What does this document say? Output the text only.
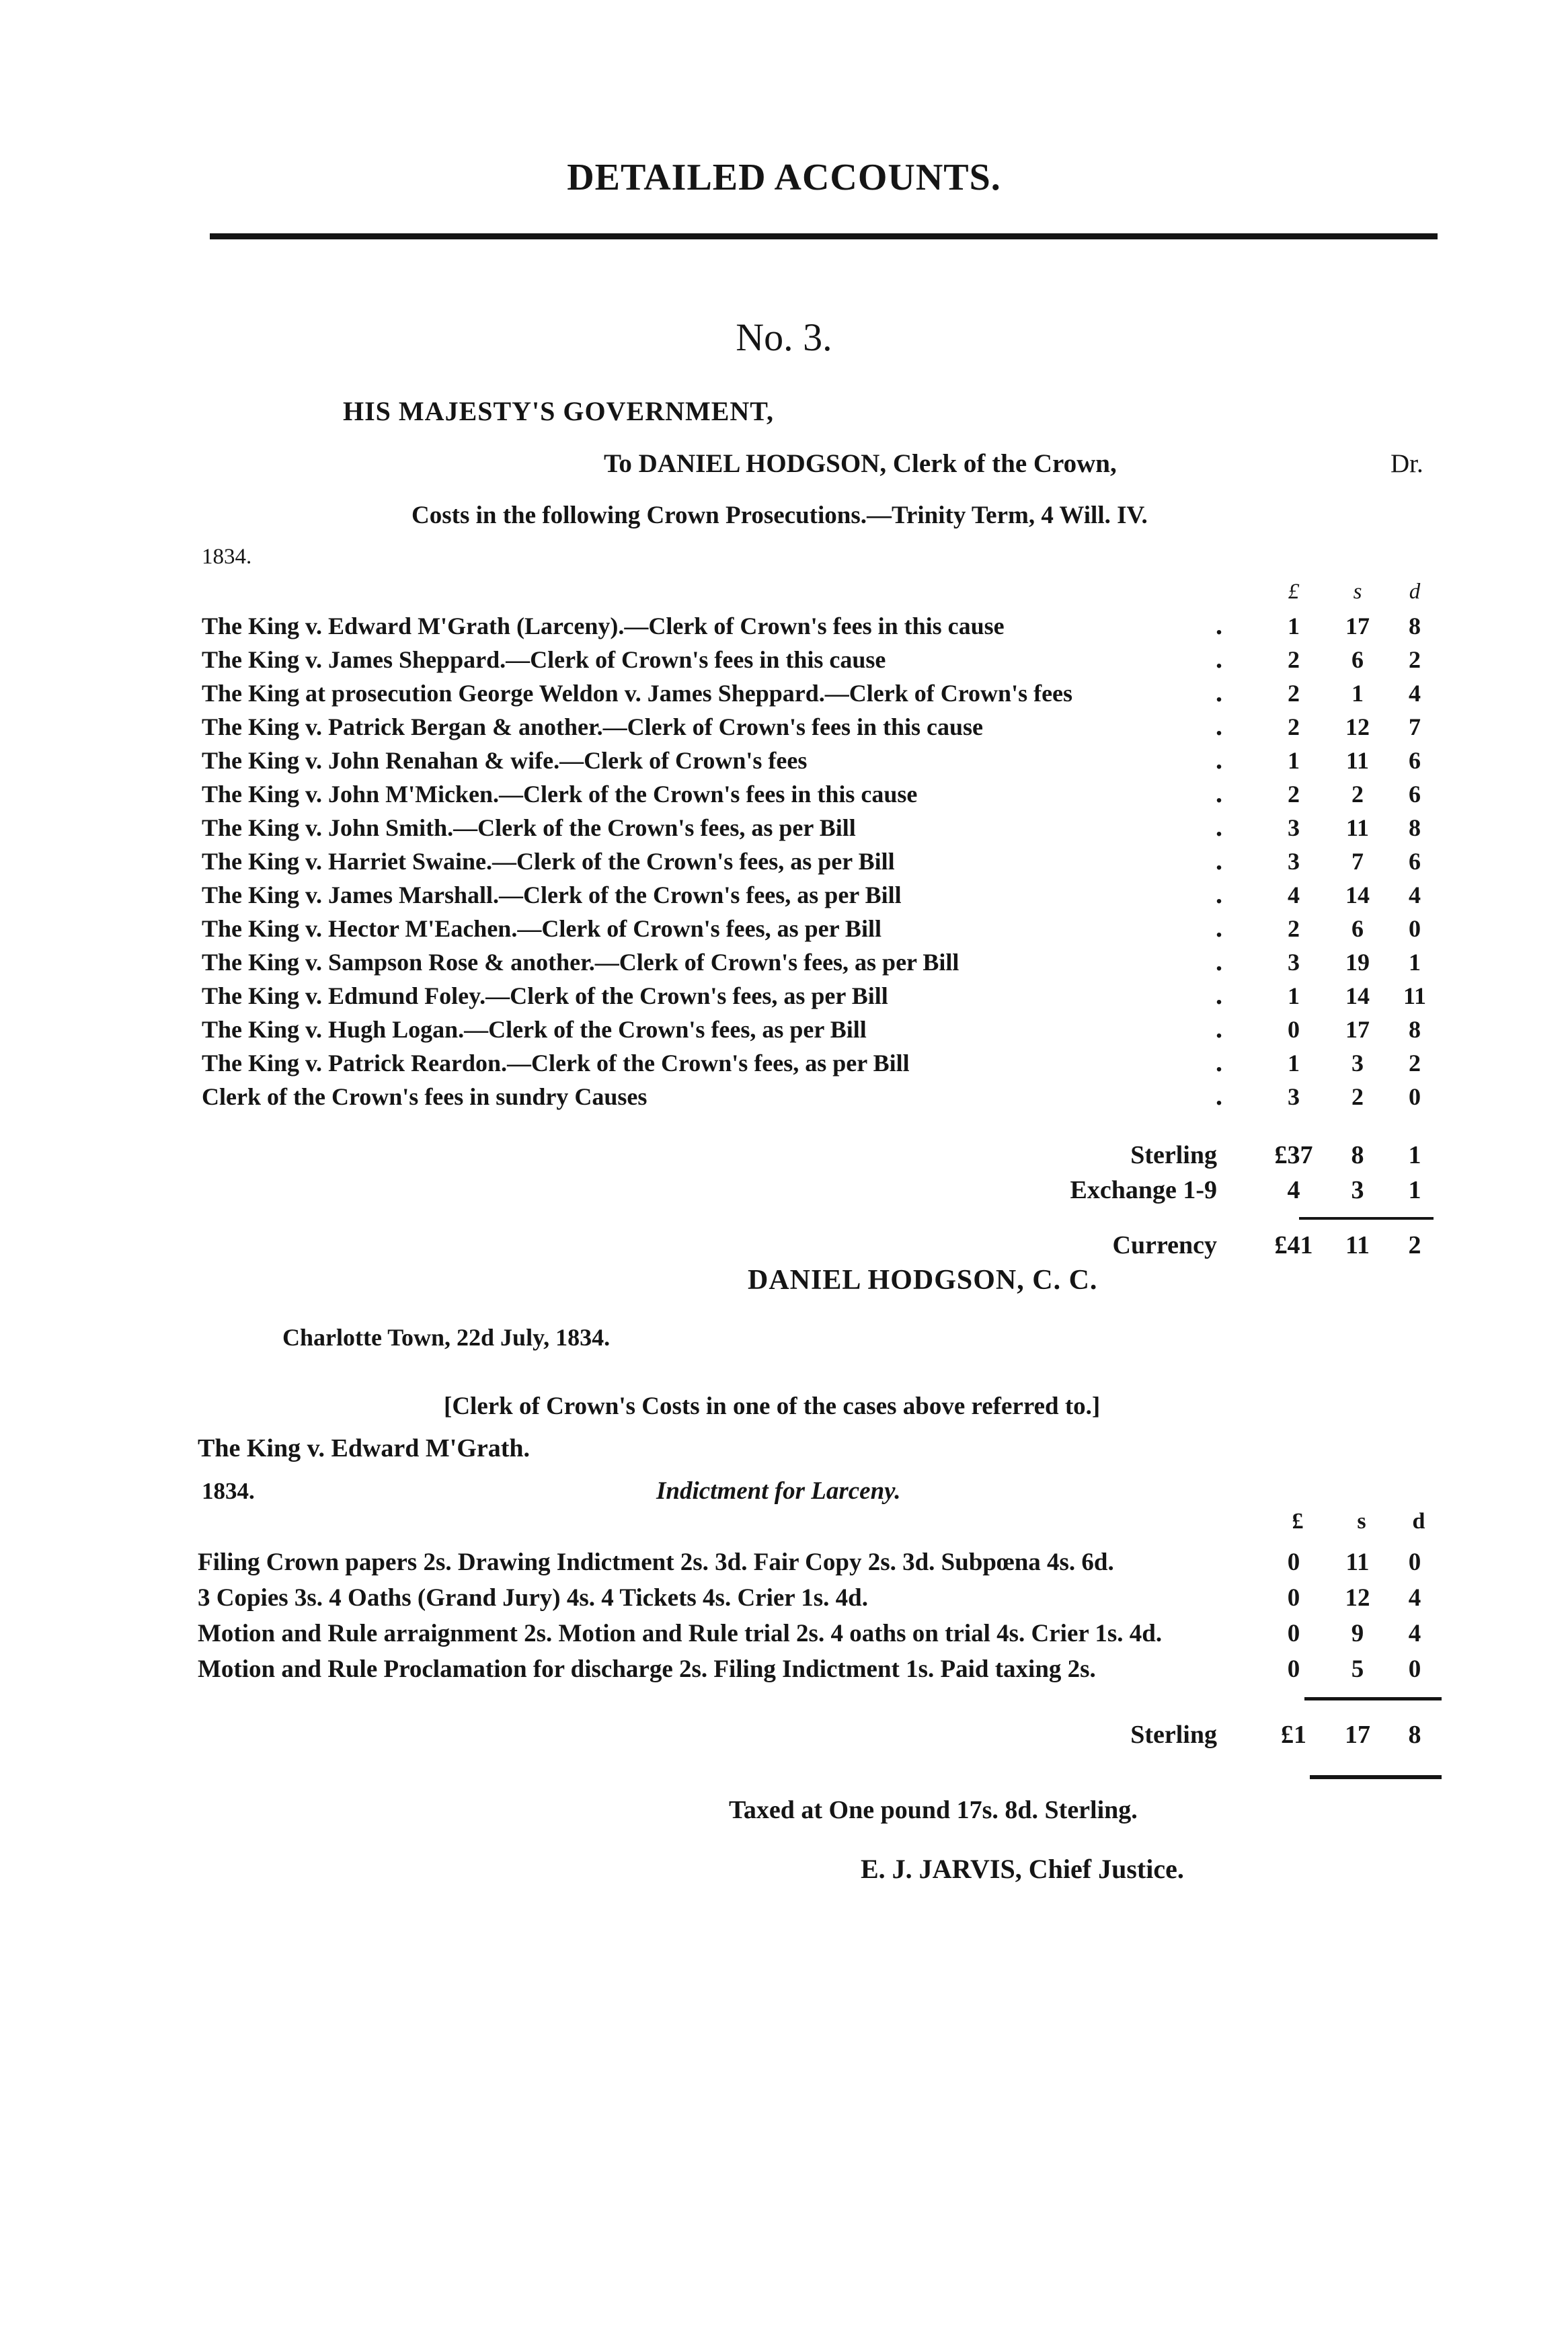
DETAILED ACCOUNTS.
No. 3.
HIS MAJESTY'S GOVERNMENT,
To DANIEL HODGSON, Clerk of the Crown,	Dr.
Costs in the following Crown Prosecutions.—Trinity Term, 4 Will. IV.
1834.
£	s	d
The King v. Edward M'Grath (Larceny).—Clerk of Crown's fees in this cause	.	1	17	8
The King v. James Sheppard.—Clerk of Crown's fees in this cause	.	2	6	2
The King at prosecution George Weldon v. James Sheppard.—Clerk of Crown's fees	.	2	1	4
The King v. Patrick Bergan & another.—Clerk of Crown's fees in this cause	.	2	12	7
The King v. John Renahan & wife.—Clerk of Crown's fees	.	1	11	6
The King v. John M'Micken.—Clerk of the Crown's fees in this cause	.	2	2	6
The King v. John Smith.—Clerk of the Crown's fees, as per Bill	.	3	11	8
The King v. Harriet Swaine.—Clerk of the Crown's fees, as per Bill	.	3	7	6
The King v. James Marshall.—Clerk of the Crown's fees, as per Bill	.	4	14	4
The King v. Hector M'Eachen.—Clerk of Crown's fees, as per Bill	.	2	6	0
The King v. Sampson Rose & another.—Clerk of Crown's fees, as per Bill	.	3	19	1
The King v. Edmund Foley.—Clerk of the Crown's fees, as per Bill	.	1	14	11
The King v. Hugh Logan.—Clerk of the Crown's fees, as per Bill	.	0	17	8
The King v. Patrick Reardon.—Clerk of the Crown's fees, as per Bill	.	1	3	2
Clerk of the Crown's fees in sundry Causes	.	3	2	0
Sterling	£37	8	1
Exchange 1-9	4	3	1
Currency	£41	11	2
DANIEL HODGSON, C. C.
Charlotte Town, 22d July, 1834.
[Clerk of Crown's Costs in one of the cases above referred to.]
The King v. Edward M'Grath.
1834.	Indictment for Larceny.
£	s	d
Filing Crown papers 2s. Drawing Indictment 2s. 3d. Fair Copy 2s. 3d. Subpœna 4s. 6d.	0	11	0
3 Copies 3s. 4 Oaths (Grand Jury) 4s. 4 Tickets 4s. Crier 1s. 4d.	0	12	4
Motion and Rule arraignment 2s. Motion and Rule trial 2s. 4 oaths on trial 4s. Crier 1s. 4d.	0	9	4
Motion and Rule Proclamation for discharge 2s. Filing Indictment 1s. Paid taxing 2s.	0	5	0
Sterling	£1	17	8
Taxed at One pound 17s. 8d. Sterling.
E. J. JARVIS, Chief Justice.
